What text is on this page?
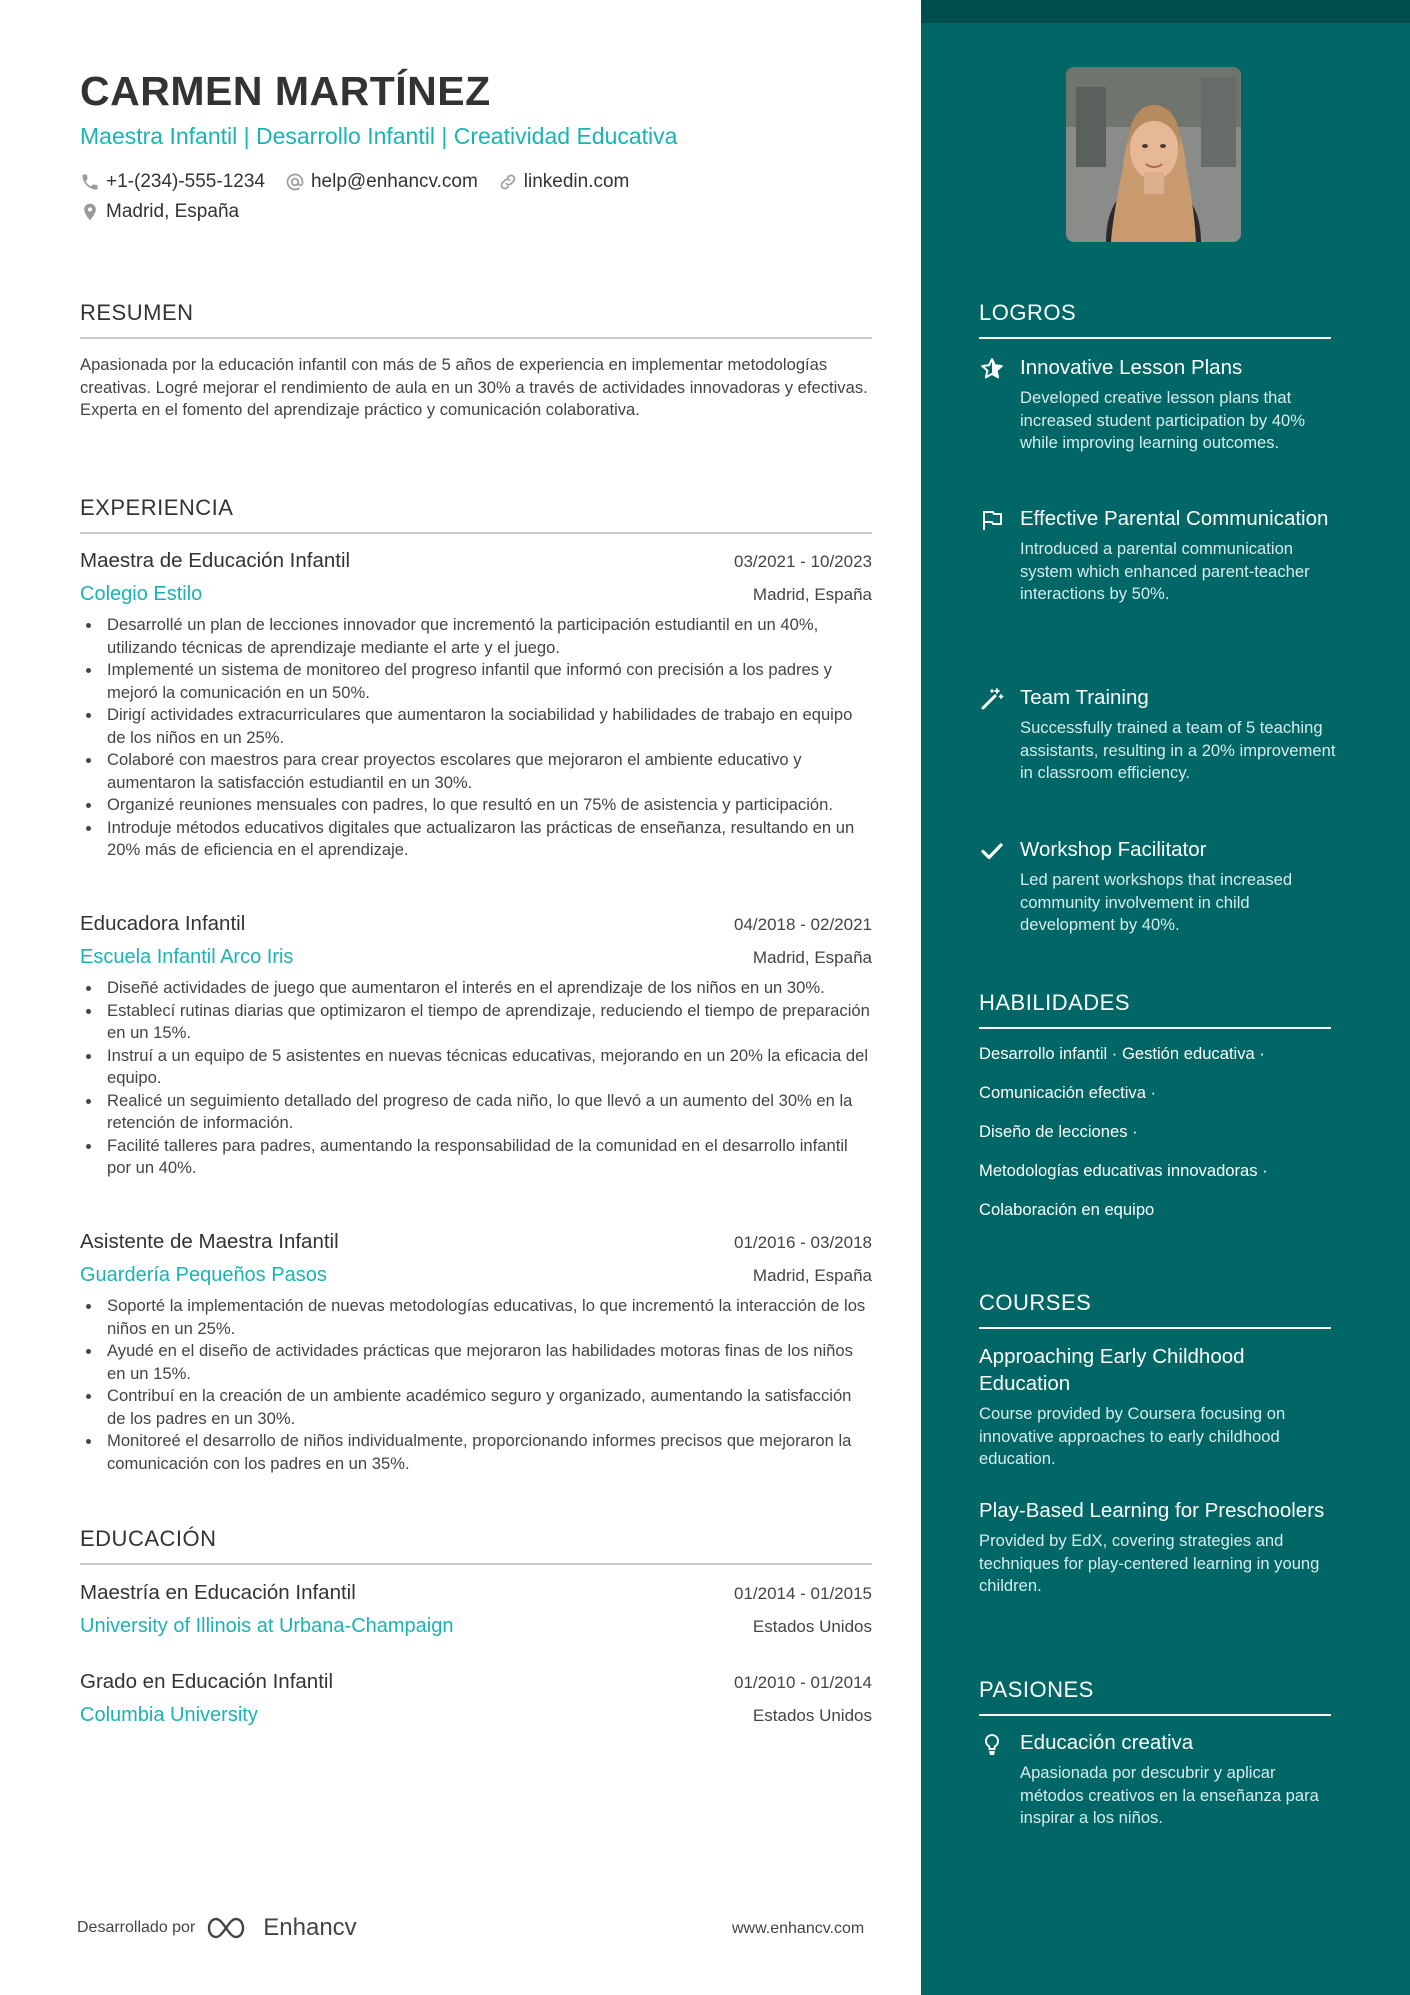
CARMEN MARTÍNEZ
Maestra Infantil | Desarrollo Infantil | Creatividad Educativa
+1-(234)-555-1234 help@enhancv.com linkedin.com
Madrid, España
RESUMEN
Apasionada por la educación infantil con más de 5 años de experiencia en implementar metodologías creativas. Logré mejorar el rendimiento de aula en un 30% a través de actividades innovadoras y efectivas. Experta en el fomento del aprendizaje práctico y comunicación colaborativa.
EXPERIENCIA
Maestra de Educación Infantil	03/2021 - 10/2023
Colegio Estilo	Madrid, España
Desarrollé un plan de lecciones innovador que incrementó la participación estudiantil en un 40%, utilizando técnicas de aprendizaje mediante el arte y el juego.
Implementé un sistema de monitoreo del progreso infantil que informó con precisión a los padres y mejoró la comunicación en un 50%.
Dirigí actividades extracurriculares que aumentaron la sociabilidad y habilidades de trabajo en equipo de los niños en un 25%.
Colaboré con maestros para crear proyectos escolares que mejoraron el ambiente educativo y aumentaron la satisfacción estudiantil en un 30%.
Organizé reuniones mensuales con padres, lo que resultó en un 75% de asistencia y participación.
Introduje métodos educativos digitales que actualizaron las prácticas de enseñanza, resultando en un 20% más de eficiencia en el aprendizaje.
Educadora Infantil	04/2018 - 02/2021
Escuela Infantil Arco Iris	Madrid, España
Diseñé actividades de juego que aumentaron el interés en el aprendizaje de los niños en un 30%.
Establecí rutinas diarias que optimizaron el tiempo de aprendizaje, reduciendo el tiempo de preparación en un 15%.
Instruí a un equipo de 5 asistentes en nuevas técnicas educativas, mejorando en un 20% la eficacia del equipo.
Realicé un seguimiento detallado del progreso de cada niño, lo que llevó a un aumento del 30% en la retención de información.
Facilité talleres para padres, aumentando la responsabilidad de la comunidad en el desarrollo infantil por un 40%.
Asistente de Maestra Infantil	01/2016 - 03/2018
Guardería Pequeños Pasos	Madrid, España
Soporté la implementación de nuevas metodologías educativas, lo que incrementó la interacción de los niños en un 25%.
Ayudé en el diseño de actividades prácticas que mejoraron las habilidades motoras finas de los niños en un 15%.
Contribuí en la creación de un ambiente académico seguro y organizado, aumentando la satisfacción de los padres en un 30%.
Monitoreé el desarrollo de niños individualmente, proporcionando informes precisos que mejoraron la comunicación con los padres en un 35%.
EDUCACIÓN
Maestría en Educación Infantil	01/2014 - 01/2015
University of Illinois at Urbana-Champaign	Estados Unidos
Grado en Educación Infantil	01/2010 - 01/2014
Columbia University	Estados Unidos
Desarrollado por	Enhancv	www.enhancv.com
LOGROS
Innovative Lesson Plans
Developed creative lesson plans that increased student participation by 40% while improving learning outcomes.
Effective Parental Communication
Introduced a parental communication system which enhanced parent-teacher interactions by 50%.
Team Training
Successfully trained a team of 5 teaching assistants, resulting in a 20% improvement in classroom efficiency.
Workshop Facilitator
Led parent workshops that increased community involvement in child development by 40%.
HABILIDADES
Desarrollo infantil · Gestión educativa ·
Comunicación efectiva ·
Diseño de lecciones ·
Metodologías educativas innovadoras ·
Colaboración en equipo
COURSES
Approaching Early Childhood Education
Course provided by Coursera focusing on innovative approaches to early childhood education.
Play-Based Learning for Preschoolers
Provided by EdX, covering strategies and techniques for play-centered learning in young children.
PASIONES
Educación creativa
Apasionada por descubrir y aplicar métodos creativos en la enseñanza para inspirar a los niños.
